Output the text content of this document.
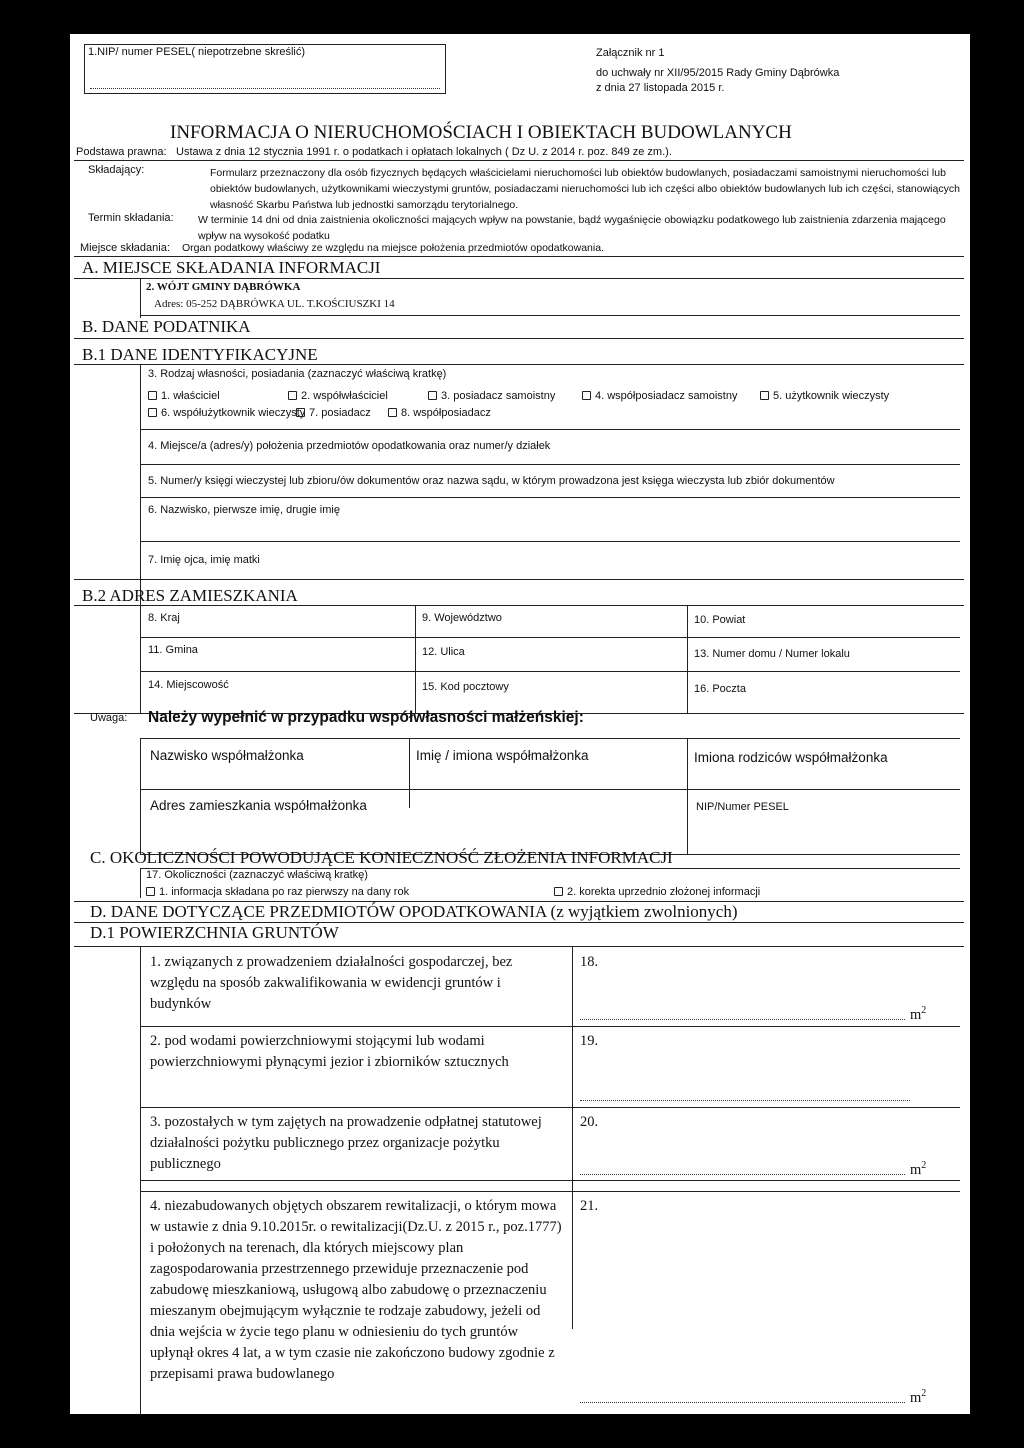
1.NIP/ numer PESEL( niepotrzebne skreślić)	Załącznik nr 1
do uchwały nr XII/95/2015 Rady Gminy Dąbrówka
z dnia 27 listopada 2015 r.
INFORMACJA O NIERUCHOMOŚCIACH I OBIEKTACH BUDOWLANYCH
Podstawa prawna: Ustawa z dnia 12 stycznia 1991 r. o podatkach i opłatach lokalnych ( Dz U. z 2014 r. poz. 849 ze zm.).
Składający:	Formularz przeznaczony dla osób fizycznych będących właścicielami nieruchomości lub obiektów budowlanych, posiadaczami samoistnymi nieruchomości lub obiektów budowlanych, użytkownikami wieczystymi gruntów, posiadaczami nieruchomości lub ich części albo obiektów budowlanych lub ich części, stanowiących własność Skarbu Państwa lub jednostki samorządu terytorialnego.
Termin składania: W terminie 14 dni od dnia zaistnienia okoliczności mających wpływ na powstanie, bądź wygaśnięcie obowiązku podatkowego lub zaistnienia zdarzenia mającego wpływ na wysokość podatku
Miejsce składania: Organ podatkowy właściwy ze względu na miejsce położenia przedmiotów opodatkowania.
A. MIEJSCE SKŁADANIA INFORMACJI
2. WÓJT GMINY DĄBRÓWKA
Adres: 05-252 DĄBRÓWKA UL. T.KOŚCIUSZKI 14
B. DANE PODATNIKA
B.1 DANE IDENTYFIKACYJNE
3. Rodzaj własności, posiadania (zaznaczyć właściwą kratkę)
1. właściciel	2. współwłaściciel	3. posiadacz samoistny	4. współposiadacz samoistny	5. użytkownik wieczysty
6. współużytkownik wieczysty 7. posiadacz	8. współposiadacz
4. Miejsce/a (adres/y) położenia przedmiotów opodatkowania oraz numer/y działek
5. Numer/y księgi wieczystej lub zbioru/ów dokumentów oraz nazwa sądu, w którym prowadzona jest księga wieczysta lub zbiór dokumentów
6. Nazwisko, pierwsze imię, drugie imię
7. Imię ojca, imię matki
B.2 ADRES ZAMIESZKANIA
8. Kraj	9. Województwo	10. Powiat
11. Gmina	12. Ulica	13. Numer domu / Numer lokalu
14. Miejscowość	15. Kod pocztowy	16. Poczta
Uwaga: Należy wypełnić w przypadku współwłasności małżeńskiej:
Nazwisko współmałżonka	Imię / imiona współmałżonka	Imiona rodziców współmałżonka
Adres zamieszkania współmałżonka	NIP/Numer PESEL
C. OKOLICZNOŚCI POWODUJĄCE KONIECZNOŚĆ ZŁOŻENIA INFORMACJI
17. Okoliczności (zaznaczyć właściwą kratkę)
1. informacja składana po raz pierwszy na dany rok	2. korekta uprzednio złożonej informacji
D. DANE DOTYCZĄCE PRZEDMIOTÓW OPODATKOWANIA (z wyjątkiem zwolnionych)
D.1 POWIERZCHNIA GRUNTÓW
1. związanych z prowadzeniem działalności gospodarczej, bez względu na sposób zakwalifikowania w ewidencji gruntów i budynków
18.
$m^2$
2. pod wodami powierzchniowymi stojącymi lub wodami powierzchniowymi płynącymi jezior i zbiorników sztucznych
19.
3. pozostałych w tym zajętych na prowadzenie odpłatnej statutowej działalności pożytku publicznego przez organizacje pożytku publicznego
20.
$m^2$
4. niezabudowanych objętych obszarem rewitalizacji, o którym mowa w ustawie z dnia 9.10.2015r. o rewitalizacji(Dz.U. z 2015 r., poz.1777) i położonych na terenach, dla których miejscowy plan zagospodarowania przestrzennego przewiduje przeznaczenie pod zabudowę mieszkaniową, usługową albo zabudowę o przeznaczeniu mieszanym obejmującym wyłącznie te rodzaje zabudowy, jeżeli od dnia wejścia w życie tego planu w odniesieniu do tych gruntów upłynął okres 4 lat, a w tym czasie nie zakończono budowy zgodnie z przepisami prawa budowlanego
21.
$m^2$
